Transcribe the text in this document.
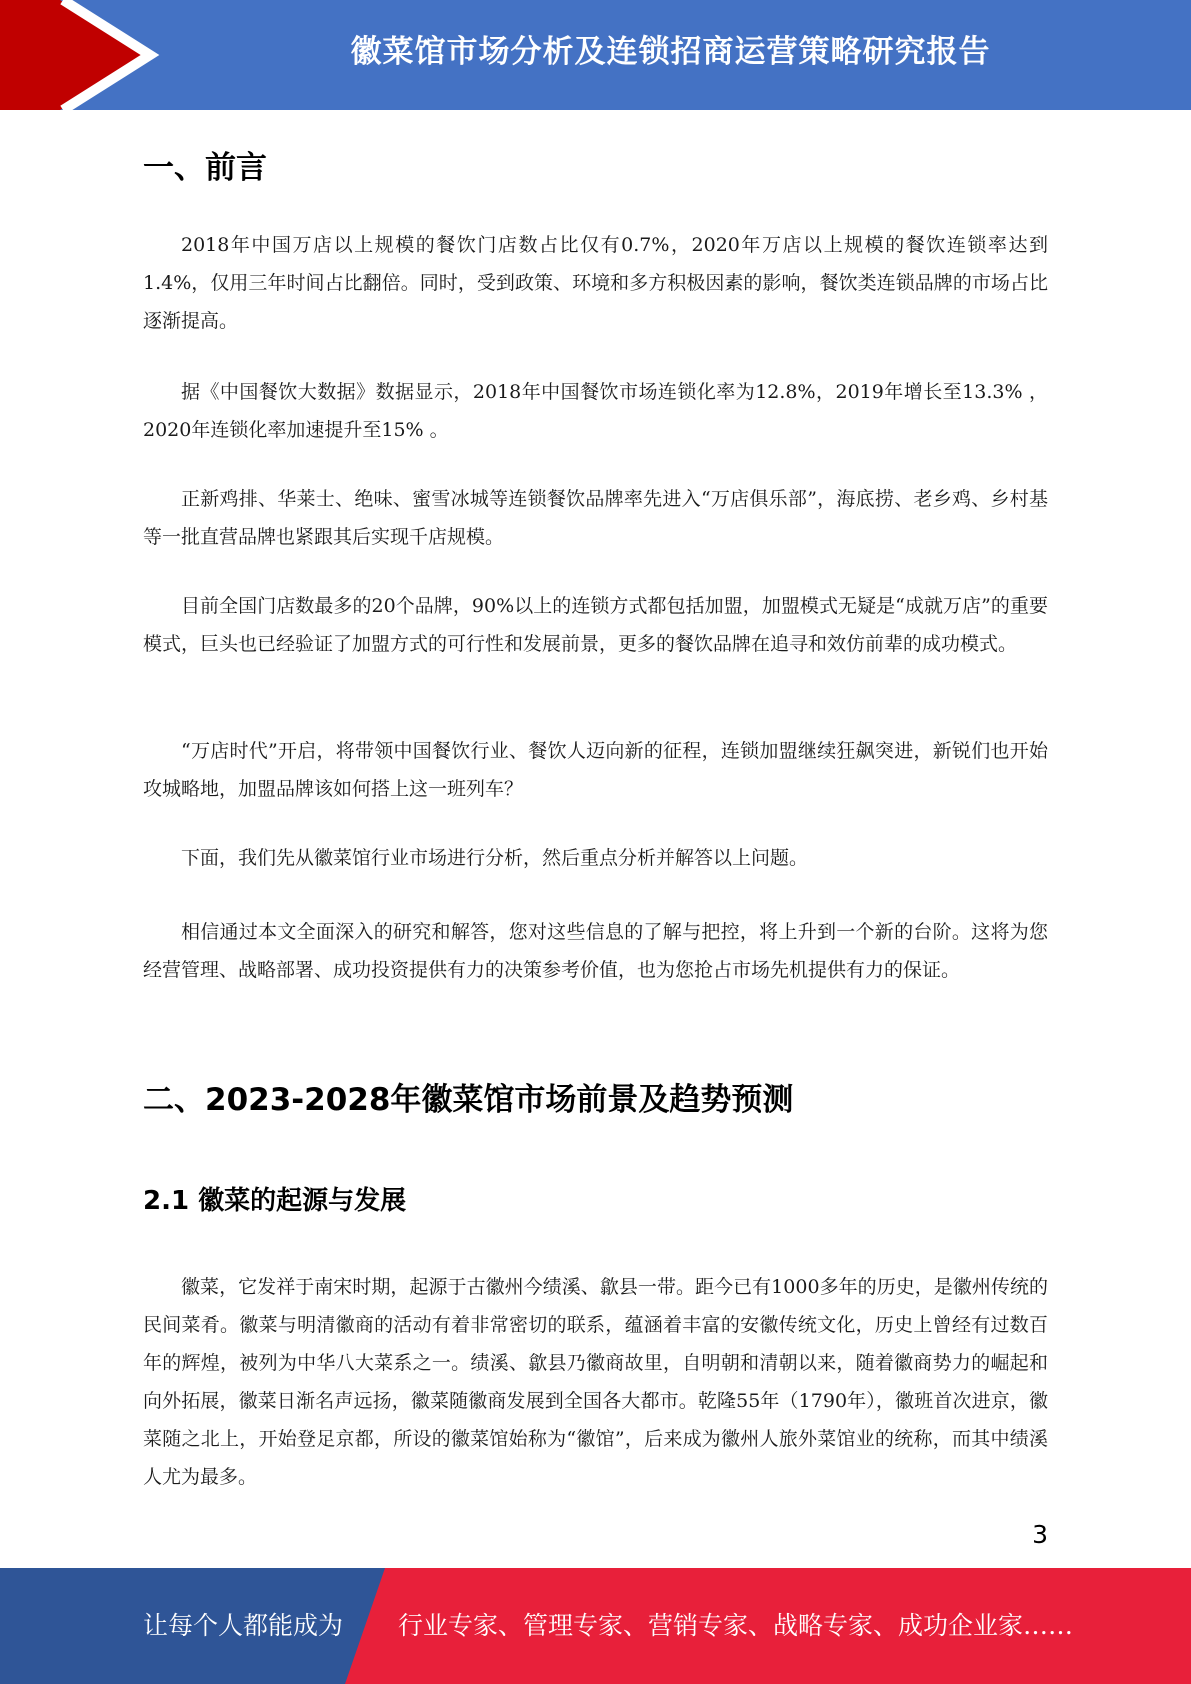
徽菜馆市场分析及连锁招商运营策略研究报告
一、前言

2018年中国万店以上规模的餐饮门店数占比仅有0.7%，2020年万店以上规模的餐饮连锁率达到1.4%，仅用三年时间占比翻倍。同时，受到政策、环境和多方积极因素的影响，餐饮类连锁品牌的市场占比逐渐提高。

据《中国餐饮大数据》数据显示，2018年中国餐饮市场连锁化率为12.8%，2019年增长至13.3% ，2020年连锁化率加速提升至15% 。

正新鸡排、华莱士、绝味、蜜雪冰城等连锁餐饮品牌率先进入“万店俱乐部”，海底捞、老乡鸡、乡村基等一批直营品牌也紧跟其后实现千店规模。

目前全国门店数最多的20个品牌，90%以上的连锁方式都包括加盟，加盟模式无疑是“成就万店”的重要模式，巨头也已经验证了加盟方式的可行性和发展前景，更多的餐饮品牌在追寻和效仿前辈的成功模式。

“万店时代”开启，将带领中国餐饮行业、餐饮人迈向新的征程，连锁加盟继续狂飙突进，新锐们也开始攻城略地，加盟品牌该如何搭上这一班列车？

下面，我们先从徽菜馆行业市场进行分析，然后重点分析并解答以上问题。

相信通过本文全面深入的研究和解答，您对这些信息的了解与把控，将上升到一个新的台阶。这将为您经营管理、战略部署、成功投资提供有力的决策参考价值，也为您抢占市场先机提供有力的保证。

二、2023-2028年徽菜馆市场前景及趋势预测
2.1 徽菜的起源与发展

徽菜，它发祥于南宋时期，起源于古徽州今绩溪、歙县一带。距今已有1000多年的历史，是徽州传统的民间菜肴。徽菜与明清徽商的活动有着非常密切的联系，蕴涵着丰富的安徽传统文化，历史上曾经有过数百年的辉煌，被列为中华八大菜系之一。绩溪、歙县乃徽商故里，自明朝和清朝以来，随着徽商势力的崛起和向外拓展，徽菜日渐名声远扬，徽菜随徽商发展到全国各大都市。乾隆55年（1790年），徽班首次进京，徽菜随之北上，开始登足京都，所设的徽菜馆始称为“徽馆”，后来成为徽州人旅外菜馆业的统称，而其中绩溪人尤为最多。

3
让每个人都能成为 行业专家、管理专家、营销专家、战略专家、成功企业家……
